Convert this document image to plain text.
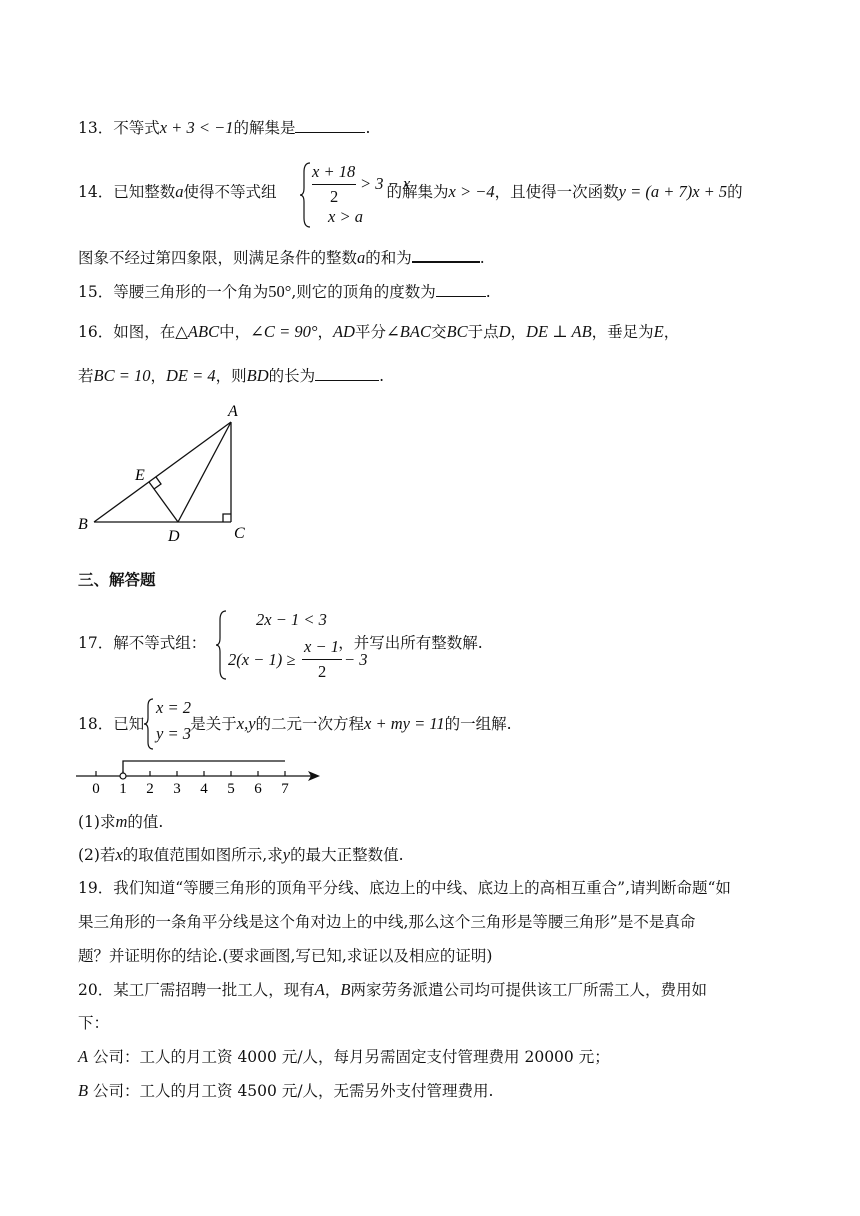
13．不等式x + 3 < −1的解集是	.
14．已知整数a使得不等式组	的解集为x > −4，且使得一次函数y = (a + 7)x + 5的
x + 18
2
> 3 − x
x > a
图象不经过第四象限，则满足条件的整数a的和为	.
15．等腰三角形的一个角为50°,则它的顶角的度数为	.
16．如图，在△ABC中，∠C = 90°，AD平分∠BAC交BC于点D，DE ⊥ AB，垂足为E，
若BC = 10，DE = 4，则BD的长为	.
A
B
C
D
E
三、解答题
17．解不等式组：	，并写出所有整数解.
2x − 1 < 3
2(x − 1) ≥
x − 1
2
− 3
18．已知	是关于x,y的二元一次方程x + my = 11的一组解.
x = 2
y = 3
0 1 2 3 4 5 6 7
(1)求m的值.
(2)若x的取值范围如图所示,求y的最大正整数值.
19．我们知道“等腰三角形的顶角平分线、底边上的中线、底边上的高相互重合”,请判断命题“如
果三角形的一条角平分线是这个角对边上的中线,那么这个三角形是等腰三角形”是不是真命
题？并证明你的结论.(要求画图,写已知,求证以及相应的证明)
20．某工厂需招聘一批工人，现有A，B两家劳务派遣公司均可提供该工厂所需工人，费用如
下：
A 公司：工人的月工资 4000 元/人，每月另需固定支付管理费用 20000 元；
B 公司：工人的月工资 4500 元/人，无需另外支付管理费用.
